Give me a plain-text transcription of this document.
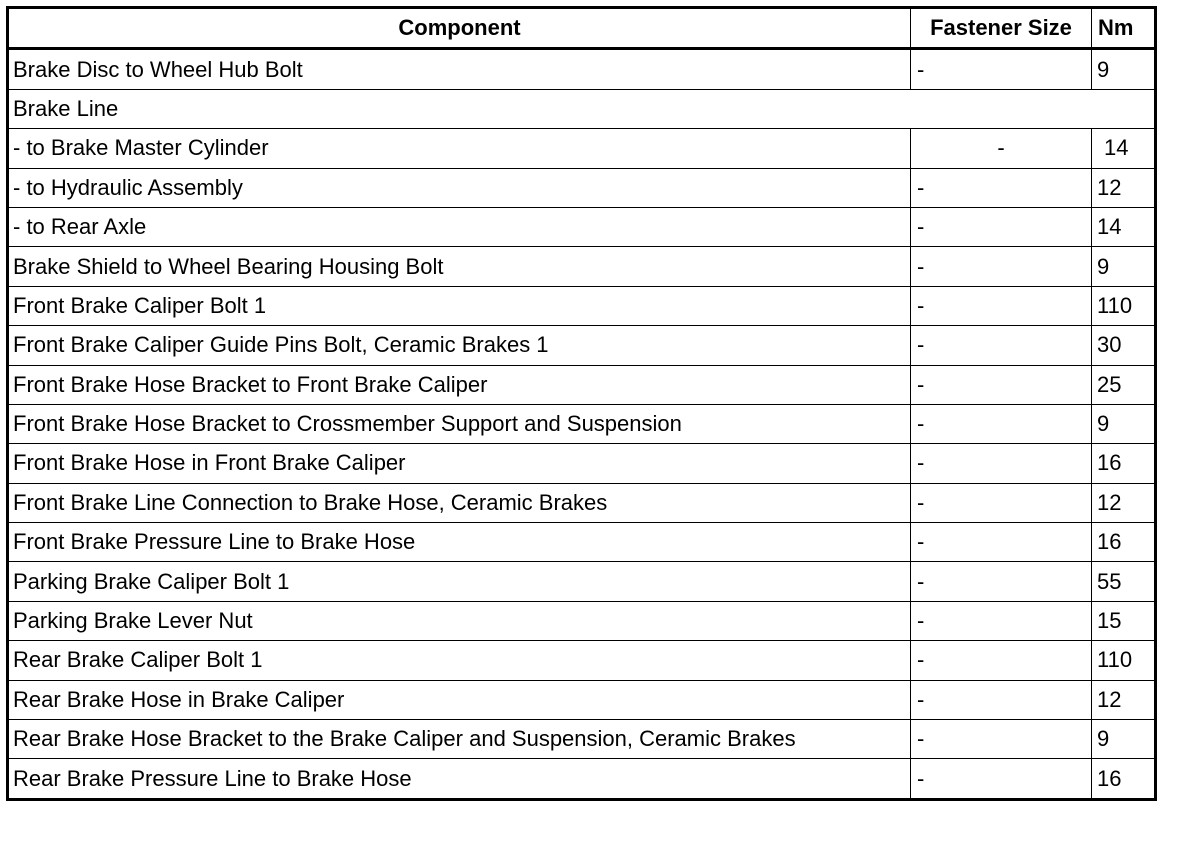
Component	Fastener Size	Nm
Brake Disc to Wheel Hub Bolt	-	9
Brake Line		
- to Brake Master Cylinder	-	14
- to Hydraulic Assembly	-	12
- to Rear Axle	-	14
Brake Shield to Wheel Bearing Housing Bolt	-	9
Front Brake Caliper Bolt 1	-	110
Front Brake Caliper Guide Pins Bolt, Ceramic Brakes 1	-	30
Front Brake Hose Bracket to Front Brake Caliper	-	25
Front Brake Hose Bracket to Crossmember Support and Suspension	-	9
Front Brake Hose in Front Brake Caliper	-	16
Front Brake Line Connection to Brake Hose, Ceramic Brakes	-	12
Front Brake Pressure Line to Brake Hose	-	16
Parking Brake Caliper Bolt 1	-	55
Parking Brake Lever Nut	-	15
Rear Brake Caliper Bolt 1	-	110
Rear Brake Hose in Brake Caliper	-	12
Rear Brake Hose Bracket to the Brake Caliper and Suspension, Ceramic Brakes	-	9
Rear Brake Pressure Line to Brake Hose	-	16
